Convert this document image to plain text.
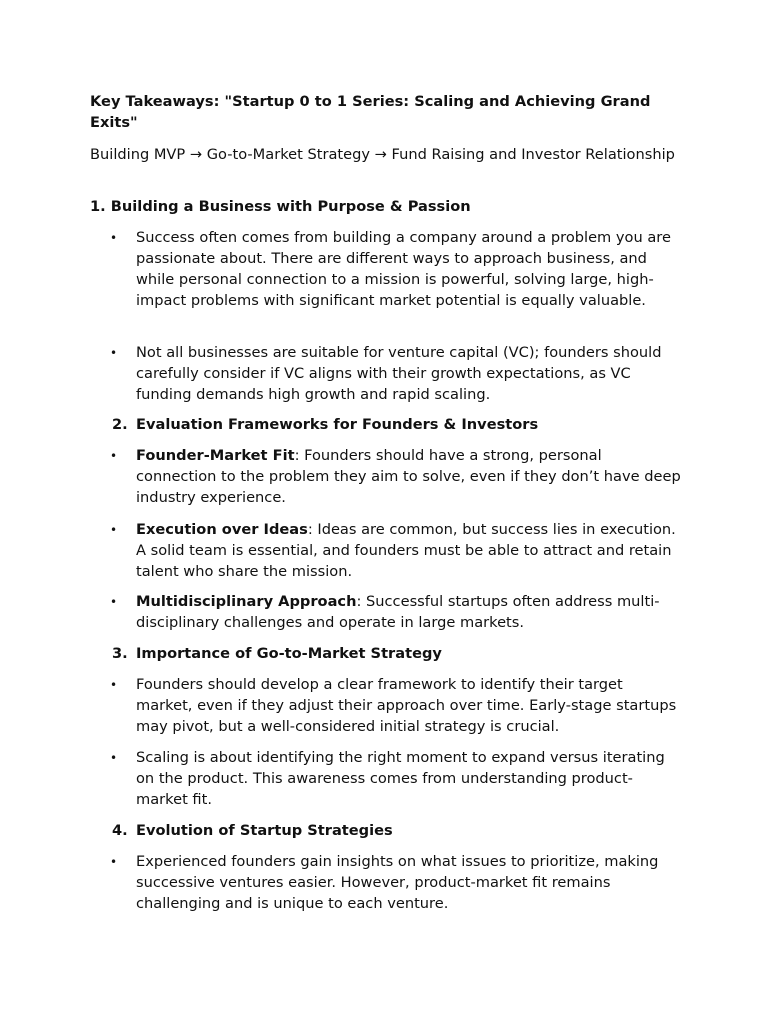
Key Takeaways: "Startup 0 to 1 Series: Scaling and Achieving Grand Exits"

Building MVP → Go-to-Market Strategy → Fund Raising and Investor Relationship

1. Building a Business with Purpose & Passion

•	Success often comes from building a company around a problem you are passionate about. There are different ways to approach business, and while personal connection to a mission is powerful, solving large, high-impact problems with significant market potential is equally valuable.

•	Not all businesses are suitable for venture capital (VC); founders should carefully consider if VC aligns with their growth expectations, as VC funding demands high growth and rapid scaling.

2. Evaluation Frameworks for Founders & Investors

•	Founder-Market Fit: Founders should have a strong, personal connection to the problem they aim to solve, even if they don’t have deep industry experience.

•	Execution over Ideas: Ideas are common, but success lies in execution. A solid team is essential, and founders must be able to attract and retain talent who share the mission.

•	Multidisciplinary Approach: Successful startups often address multi-disciplinary challenges and operate in large markets.

3. Importance of Go-to-Market Strategy

•	Founders should develop a clear framework to identify their target market, even if they adjust their approach over time. Early-stage startups may pivot, but a well-considered initial strategy is crucial.

•	Scaling is about identifying the right moment to expand versus iterating on the product. This awareness comes from understanding product-market fit.

4. Evolution of Startup Strategies

•	Experienced founders gain insights on what issues to prioritize, making successive ventures easier. However, product-market fit remains challenging and is unique to each venture.
